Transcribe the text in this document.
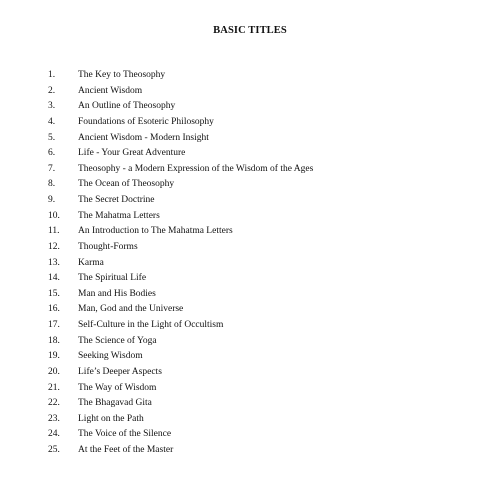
BASIC TITLES
1.	The Key to Theosophy
2.	Ancient Wisdom
3.	An Outline of Theosophy
4.	Foundations of Esoteric Philosophy
5.	Ancient Wisdom - Modern Insight
6.	Life - Your Great Adventure
7.	Theosophy - a Modern Expression of the Wisdom of the Ages
8.	The Ocean of Theosophy
9.	The Secret Doctrine
10.	The Mahatma Letters
11.	An Introduction to The Mahatma Letters
12.	Thought-Forms
13.	Karma
14.	The Spiritual Life
15.	Man and His Bodies
16.	Man, God and the Universe
17.	Self-Culture in the Light of Occultism
18.	The Science of Yoga
19.	Seeking Wisdom
20.	Life’s Deeper Aspects
21.	The Way of Wisdom
22.	The Bhagavad Gita
23.	Light on the Path
24.	The Voice of the Silence
25.	At the Feet of the Master
